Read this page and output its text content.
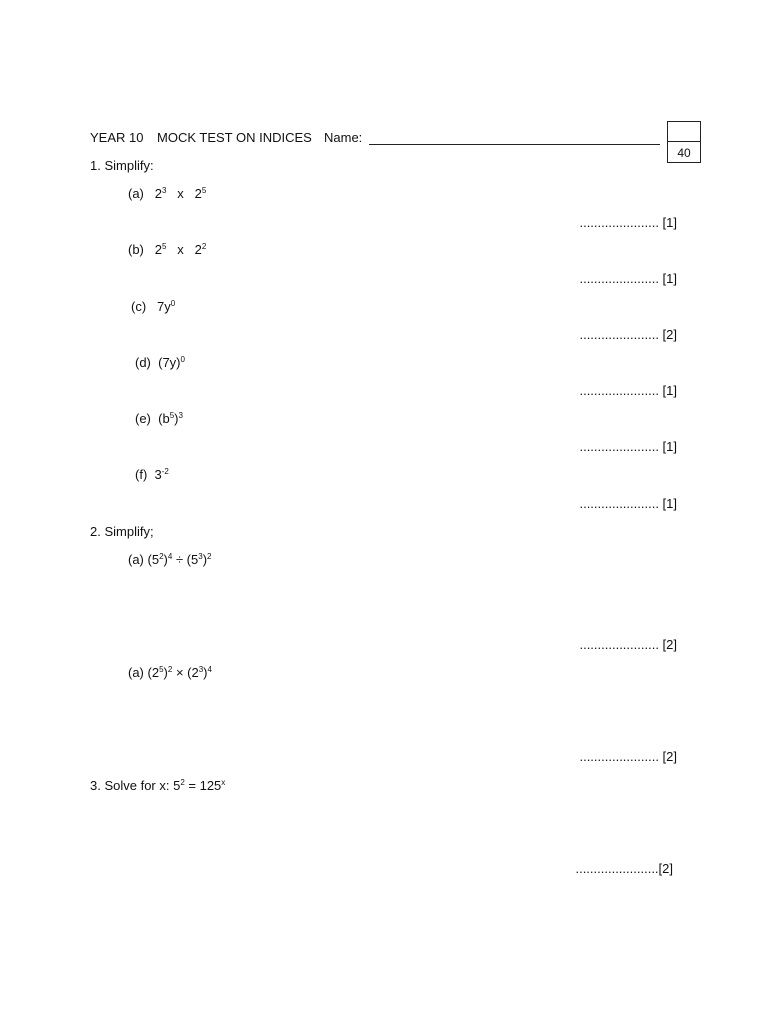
YEAR 10 MOCK TEST ON INDICES Name:
40
1. Simplify:
(a) $2^3$   x   $2^5$
...................... [1]
(b) $2^5$   x   $2^2$
...................... [1]
(c) $7y^0$
...................... [2]
(d) $(7y)^0$
...................... [1]
(e) $(b^5)^3$
...................... [1]
(f) $3^{-2}$
...................... [1]
2. Simplify;
(a) $(5^2)^4 \div (5^3)^2$
...................... [2]
(a) $(2^5)^2 \times (2^3)^4$
...................... [2]
3. Solve for x: $5^2 = 125^x$
.......................[2]
